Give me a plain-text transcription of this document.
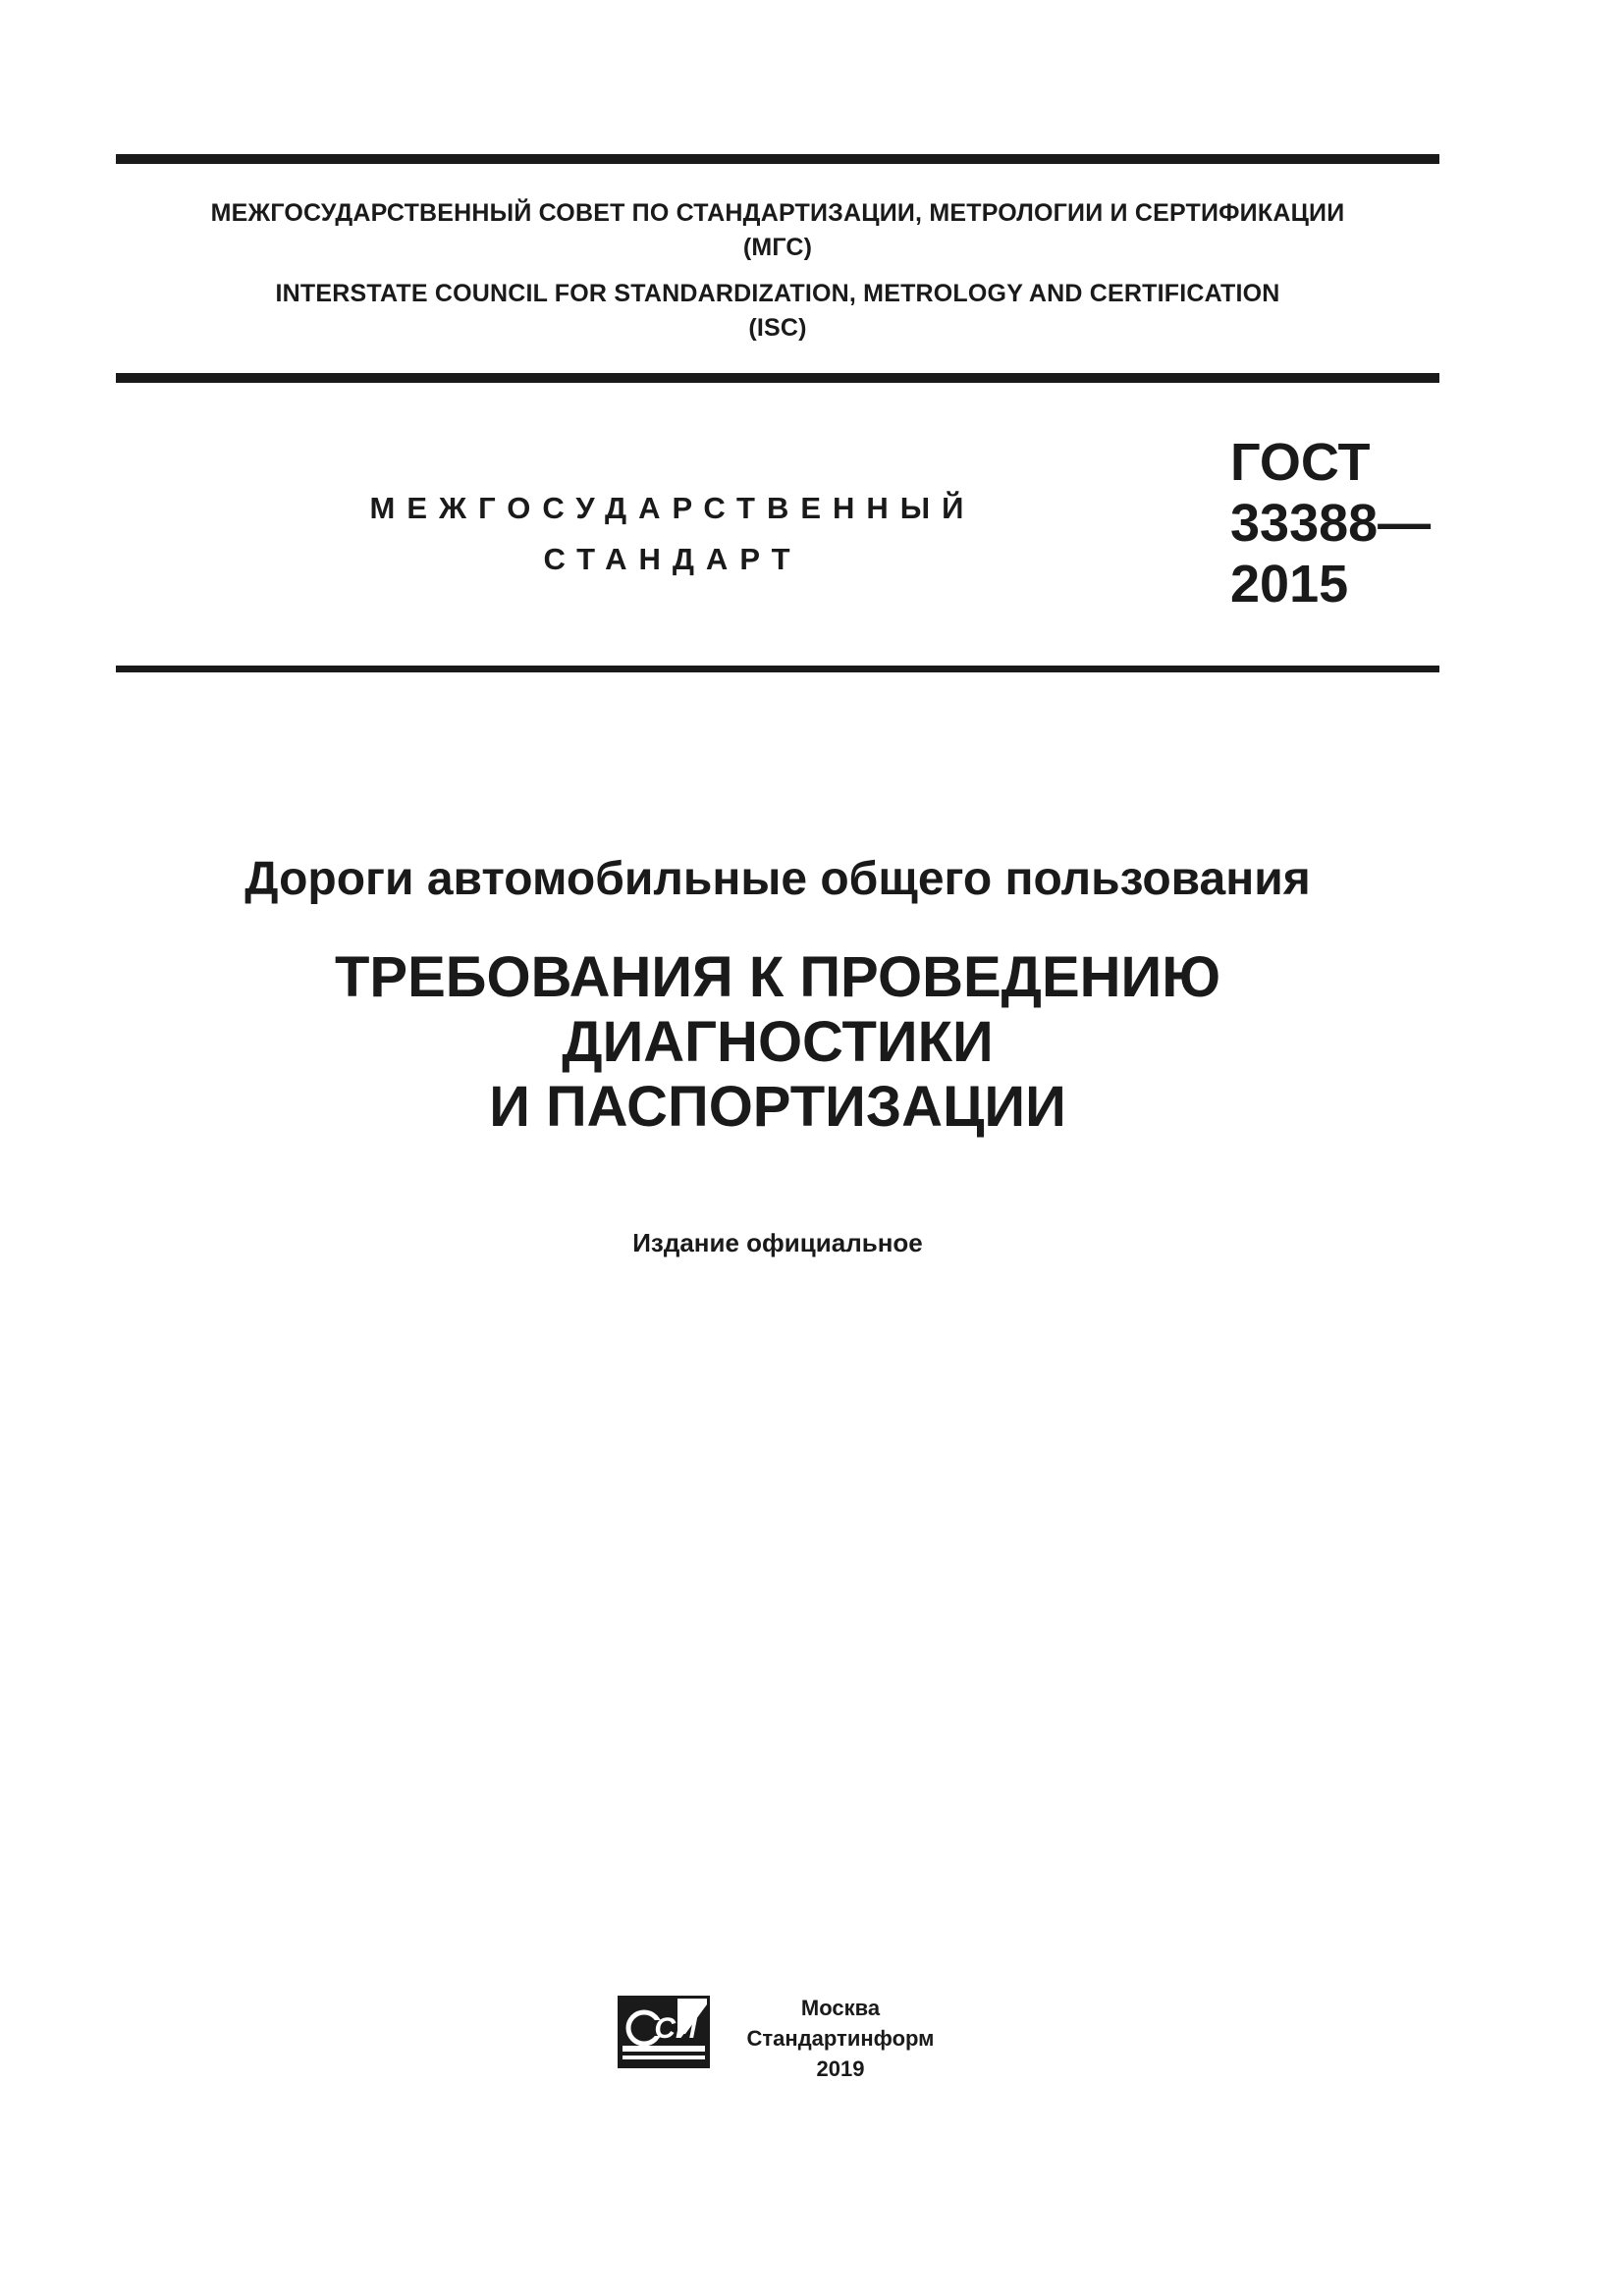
МЕЖГОСУДАРСТВЕННЫЙ СОВЕТ ПО СТАНДАРТИЗАЦИИ, МЕТРОЛОГИИ И СЕРТИФИКАЦИИ
(МГС)
INTERSTATE COUNCIL FOR STANDARDIZATION, METROLOGY AND CERTIFICATION
(ISC)
МЕЖГОСУДАРСТВЕННЫЙ
СТАНДАРТ
ГОСТ
33388—
2015
Дороги автомобильные общего пользования
ТРЕБОВАНИЯ К ПРОВЕДЕНИЮ ДИАГНОСТИКИ
И ПАСПОРТИЗАЦИИ
Издание официальное
СИ
Москва
Стандартинформ
2019
